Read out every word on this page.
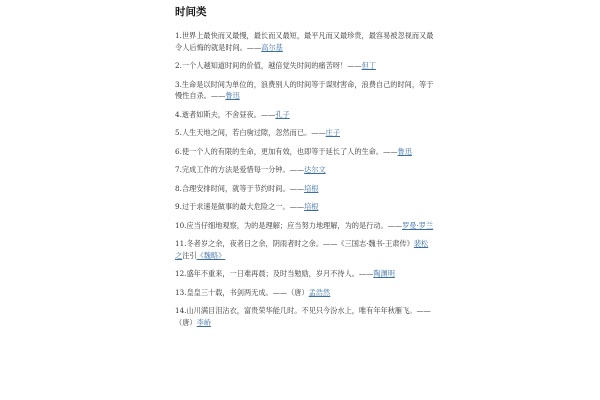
时间类
1.世界上最快而又最慢，最长而又最短，最平凡而又最珍贵，最容易被忽视而又最令人后悔的就是时间。——高尔基
2.一个人越知道时间的价值，越倍觉失时间的痛苦呀！——但丁
3.生命是以时间为单位的，浪费别人的时间等于谋财害命，浪费自己的时间，等于慢性自杀。——鲁迅
4.逝者如斯夫，不舍昼夜。——孔子
5.人生天地之间，若白驹过隙，忽然而已。——庄子
6.使一个人的有限的生命，更加有效，也即等于延长了人的生命。——鲁迅
7.完成工作的方法是爱惜每一分钟。——达尔文
8.合理安排时间，就等于节约时间。——培根
9.过于求速是做事的最大危险之一。——培根
10.应当仔细地观察，为的是理解；应当努力地理解，为的是行动。——罗曼·罗兰
11.冬者岁之余，夜者日之余，阴雨者时之余。——《三国志·魏书·王肃传》裴松之注引《魏略》
12.盛年不重来，一日难再晨；及时当勉励，岁月不待人。——陶渊明
13.皇皇三十载，书剑两无成。——（唐）孟浩然
14.山川满目泪沾衣，富贵荣华能几时。不见只今汾水上，唯有年年秋雁飞。——（唐）李峤
